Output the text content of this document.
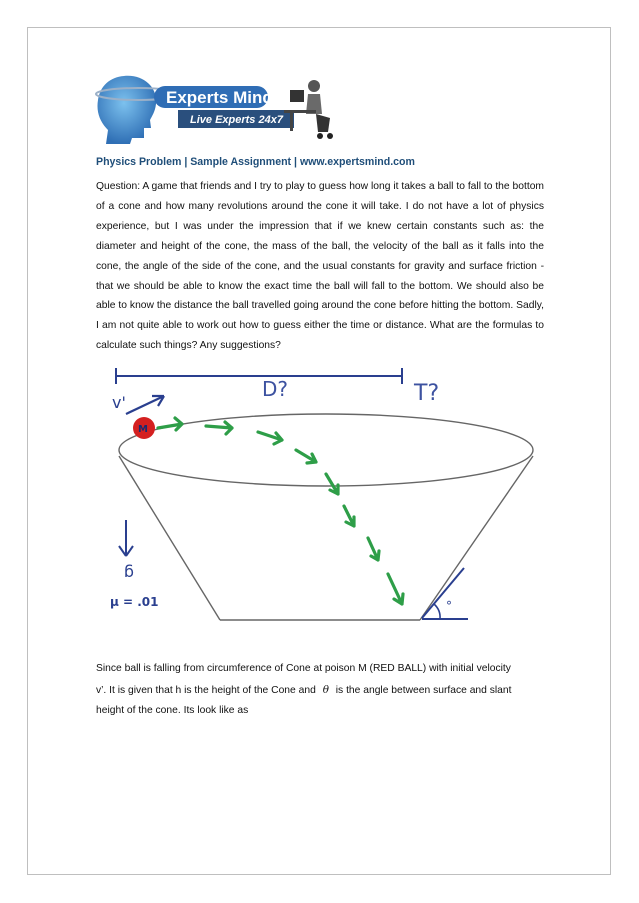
Experts Mind
Live Experts 24x7
Physics Problem | Sample Assignment | www.expertsmind.com

Question: A game that friends and I try to play to guess how long it takes a ball to fall to the bottom of a cone and how many revolutions around the cone it will take. I do not have a lot of physics experience, but I was under the impression that if we knew certain constants such as: the diameter and height of the cone, the mass of the ball, the velocity of the ball as it falls into the cone, the angle of the side of the cone, and the usual constants for gravity and surface friction - that we should be able to know the exact time the ball will fall to the bottom. We should also be able to know the distance the ball travelled going around the cone before hitting the bottom. Sadly, I am not quite able to work out how to guess either the time or distance. What are the formulas to calculate such things? Any suggestions?

D?	T?
v'
°
M
g
μ = .01
Since ball is falling from circumference of Cone at poison M (RED BALL) with initial velocity
v’. It is given that h is the height of the Cone and θ is the angle between surface and slant
height of the cone. Its look like as
